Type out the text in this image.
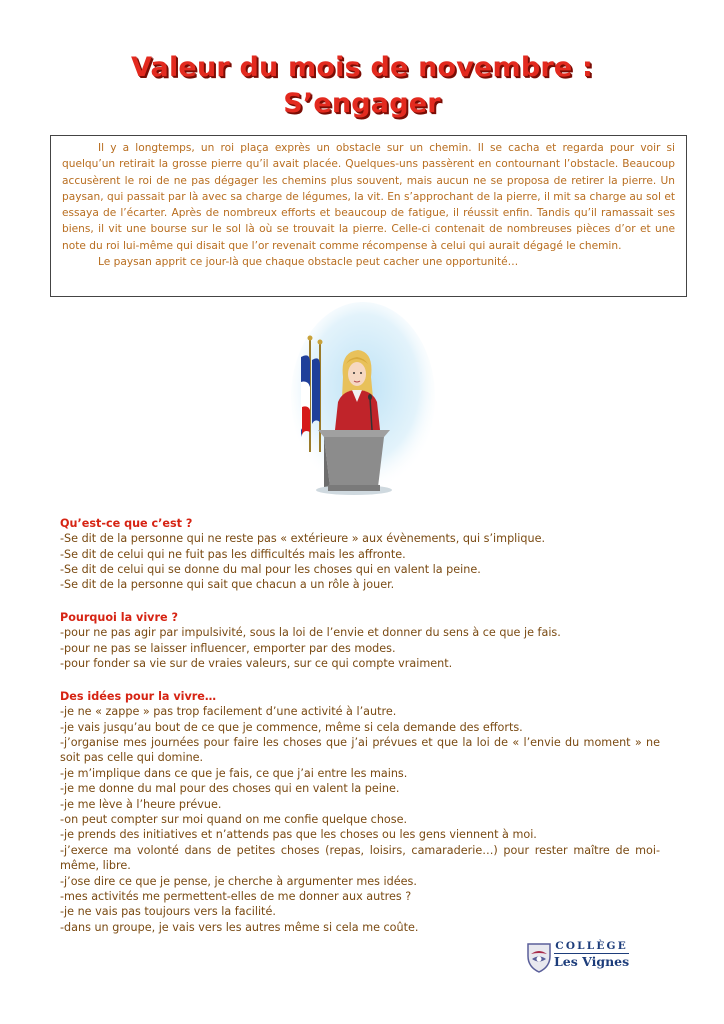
Valeur du mois de novembre :
S’engager

Il y a longtemps, un roi plaça exprès un obstacle sur un chemin. Il se cacha et regarda pour voir si quelqu’un retirait la grosse pierre qu’il avait placée. Quelques-uns passèrent en contournant l’obstacle. Beaucoup accusèrent le roi de ne pas dégager les chemins plus souvent, mais aucun ne se proposa de retirer la pierre. Un paysan, qui passait par là avec sa charge de légumes, la vit. En s’approchant de la pierre, il mit sa charge au sol et essaya de l’écarter. Après de nombreux efforts et beaucoup de fatigue, il réussit enfin. Tandis qu’il ramassait ses biens, il vit une bourse sur le sol là où se trouvait la pierre. Celle-ci contenait de nombreuses pièces d’or et une note du roi lui-même qui disait que l’or revenait comme récompense à celui qui aurait dégagé le chemin.

Le paysan apprit ce jour-là que chaque obstacle peut cacher une opportunité…

Qu’est-ce que c’est ?
-Se dit de la personne qui ne reste pas « extérieure » aux évènements, qui s’implique.
-Se dit de celui qui ne fuit pas les difficultés mais les affronte.
-Se dit de celui qui se donne du mal pour les choses qui en valent la peine.
-Se dit de la personne qui sait que chacun a un rôle à jouer.
Pourquoi la vivre ?
-pour ne pas agir par impulsivité, sous la loi de l’envie et donner du sens à ce que je fais.
-pour ne pas se laisser influencer, emporter par des modes.
-pour fonder sa vie sur de vraies valeurs, sur ce qui compte vraiment.
Des idées pour la vivre…
-je ne « zappe » pas trop facilement d’une activité à l’autre.
-je vais jusqu’au bout de ce que je commence, même si cela demande des efforts.
-j’organise mes journées pour faire les choses que j’ai prévues et que la loi de « l’envie du moment » ne soit pas celle qui domine.
-je m’implique dans ce que je fais, ce que j’ai entre les mains.
-je me donne du mal pour des choses qui en valent la peine.
-je me lève à l’heure prévue.
-on peut compter sur moi quand on me confie quelque chose.
-je prends des initiatives et n’attends pas que les choses ou les gens viennent à moi.
-j’exerce ma volonté dans de petites choses (repas, loisirs, camaraderie…) pour rester maître de moi-même, libre.
-j’ose dire ce que je pense, je cherche à argumenter mes idées.
-mes activités me permettent-elles de me donner aux autres ?
-je ne vais pas toujours vers la facilité.
-dans un groupe, je vais vers les autres même si cela me coûte.
COLLÈGE
Les Vignes
